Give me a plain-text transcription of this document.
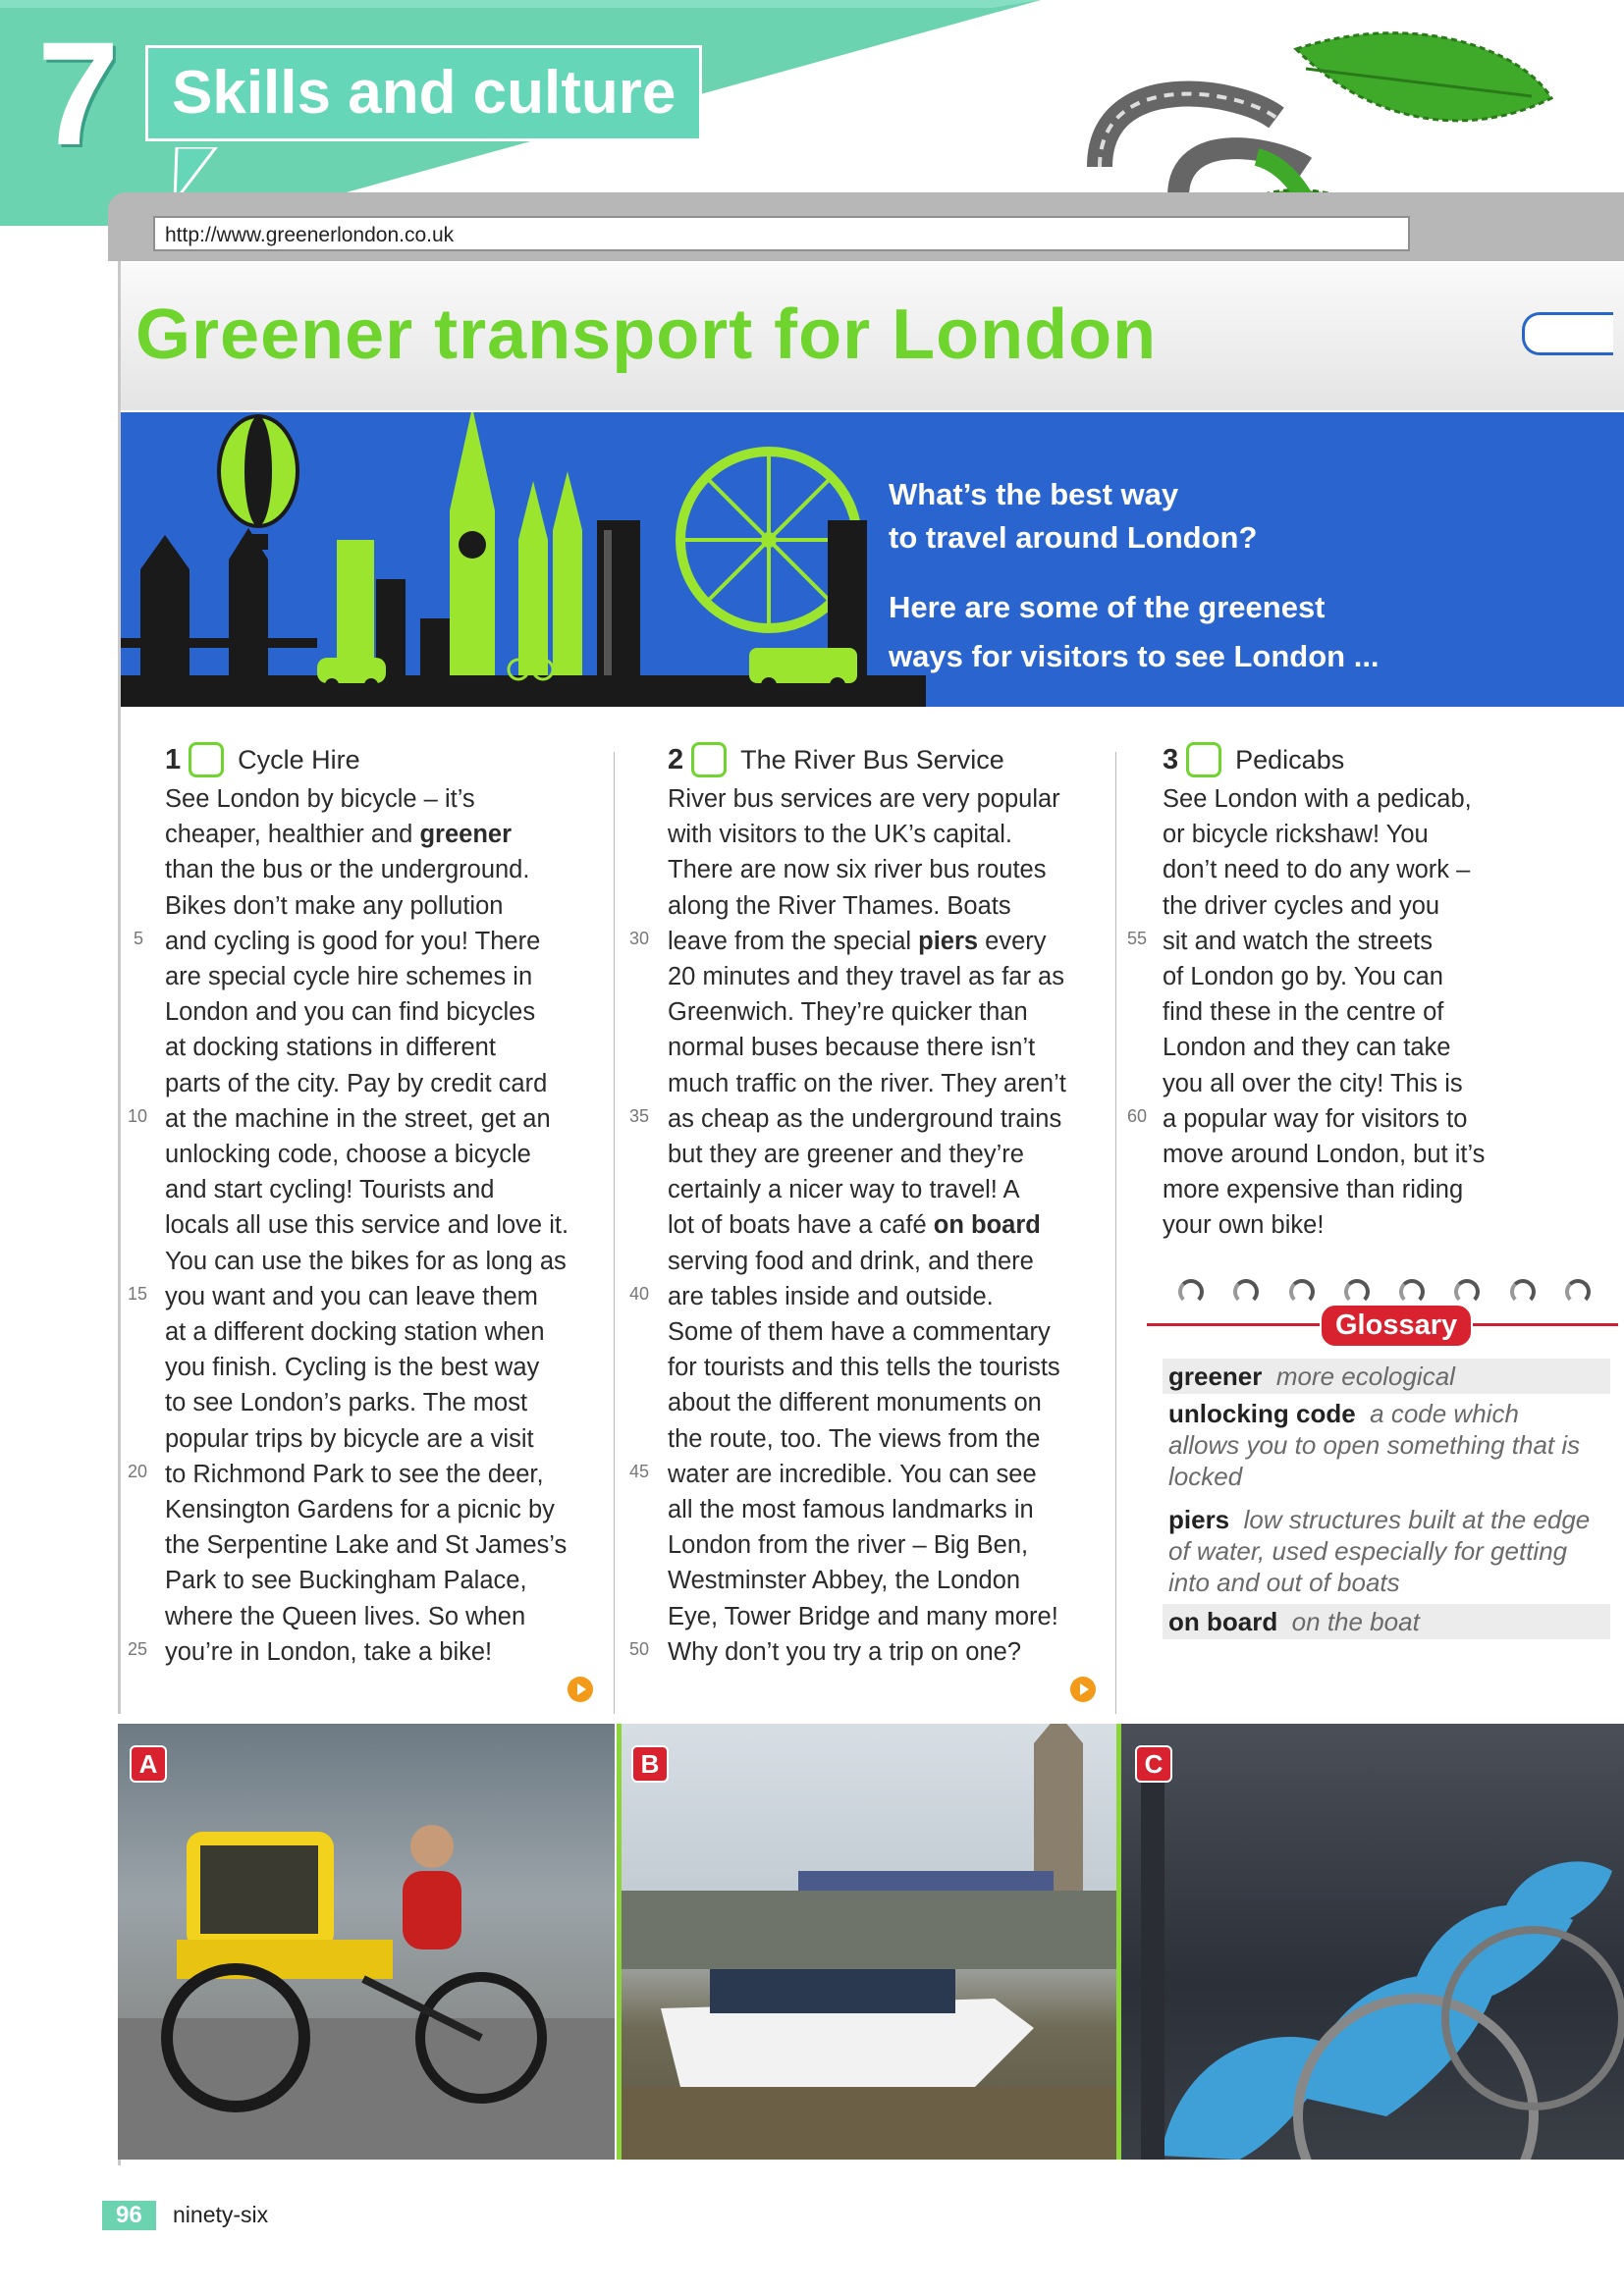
7 Skills and culture
http://www.greenerlondon.co.uk
Greener transport for London
What’s the best way
to travel around London?
Here are some of the greenest
ways for visitors to see London ...
1 Cycle Hire
See London by bicycle – it’s
cheaper, healthier and greener
than the bus or the underground.
Bikes don’t make any pollution
and cycling is good for you! There
are special cycle hire schemes in
London and you can find bicycles
at docking stations in different
parts of the city. Pay by credit card
at the machine in the street, get an
unlocking code, choose a bicycle
and start cycling! Tourists and
locals all use this service and love it.
You can use the bikes for as long as
you want and you can leave them
at a different docking station when
you finish. Cycling is the best way
to see London’s parks. The most
popular trips by bicycle are a visit
to Richmond Park to see the deer,
Kensington Gardens for a picnic by
the Serpentine Lake and St James’s
Park to see Buckingham Palace,
where the Queen lives. So when
you’re in London, take a bike!
5
10
15
20
25
2 The River Bus Service
River bus services are very popular
with visitors to the UK’s capital.
There are now six river bus routes
along the River Thames. Boats
leave from the special piers every
20 minutes and they travel as far as
Greenwich. They’re quicker than
normal buses because there isn’t
much traffic on the river. They aren’t
as cheap as the underground trains
but they are greener and they’re
certainly a nicer way to travel! A
lot of boats have a café on board
serving food and drink, and there
are tables inside and outside.
Some of them have a commentary
for tourists and this tells the tourists
about the different monuments on
the route, too. The views from the
water are incredible. You can see
all the most famous landmarks in
London from the river – Big Ben,
Westminster Abbey, the London
Eye, Tower Bridge and many more!
Why don’t you try a trip on one?
30
35
40
45
50
3 Pedicabs
See London with a pedicab,
or bicycle rickshaw! You
don’t need to do any work –
the driver cycles and you
sit and watch the streets
of London go by. You can
find these in the centre of
London and they can take
you all over the city! This is
a popular way for visitors to
move around London, but it’s
more expensive than riding
your own bike!
55
60
Glossary
greener more ecological
unlocking code a code which
allows you to open something that is
locked
piers low structures built at the edge
of water, used especially for getting
into and out of boats
on board on the boat
A	B	C
96	ninety-six
